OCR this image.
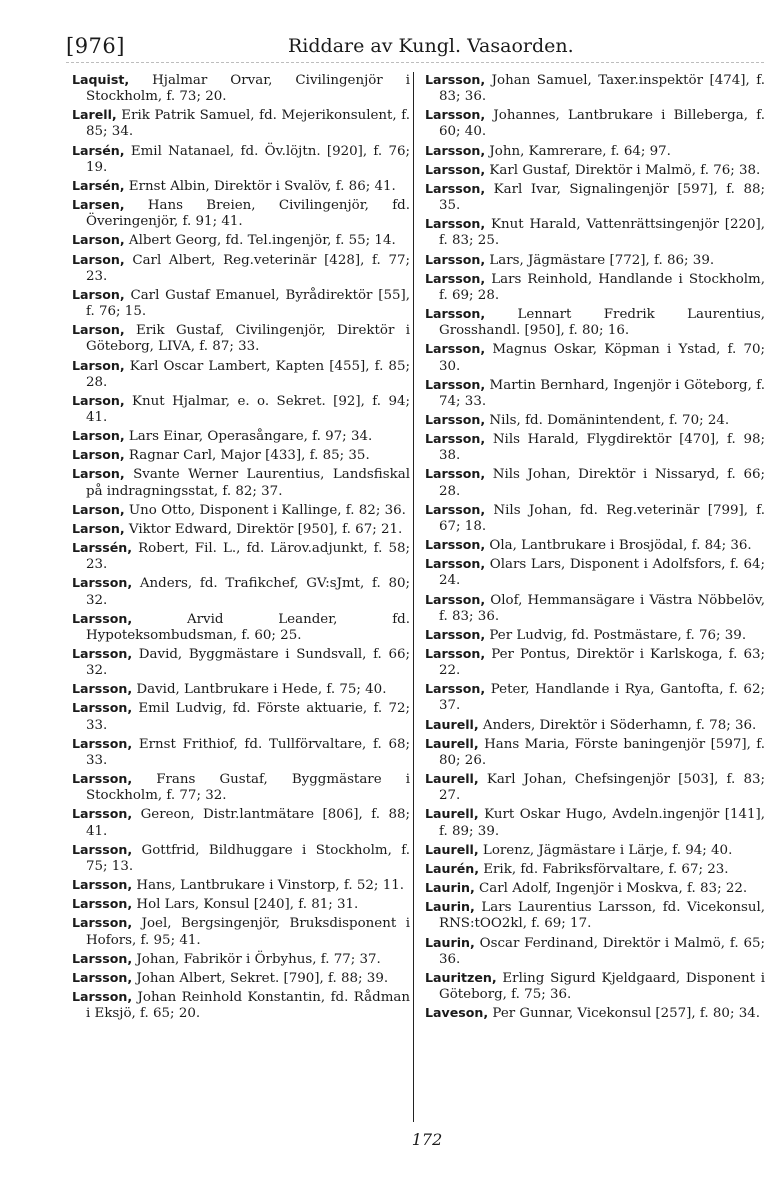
[976]	Riddare av Kungl. Vasaorden.

Laquist, Hjalmar Orvar, Civilingenjör i Stockholm, f. 73; 20.

Larell, Erik Patrik Samuel, fd. Mejerikonsulent, f. 85; 34.

Larsén, Emil Natanael, fd. Öv.löjtn. [920], f. 76; 19.

Larsén, Ernst Albin, Direktör i Svalöv, f. 86; 41.

Larsen, Hans Breien, Civilingenjör, fd. Överingenjör, f. 91; 41.

Larson, Albert Georg, fd. Tel.ingenjör, f. 55; 14.

Larson, Carl Albert, Reg.veterinär [428], f. 77; 23.

Larson, Carl Gustaf Emanuel, Byrådirektör [55], f. 76; 15.

Larson, Erik Gustaf, Civilingenjör, Direktör i Göteborg, LIVA, f. 87; 33.

Larson, Karl Oscar Lambert, Kapten [455], f. 85; 28.

Larson, Knut Hjalmar, e. o. Sekret. [92], f. 94; 41.

Larson, Lars Einar, Operasångare, f. 97; 34.

Larson, Ragnar Carl, Major [433], f. 85; 35.

Larson, Svante Werner Laurentius, Landsfiskal på indragningsstat, f. 82; 37.

Larson, Uno Otto, Disponent i Kallinge, f. 82; 36.

Larson, Viktor Edward, Direktör [950], f. 67; 21.

Larssén, Robert, Fil. L., fd. Lärov.adjunkt, f. 58; 23.

Larsson, Anders, fd. Trafikchef, GV:sJmt, f. 80; 32.

Larsson, Arvid Leander, fd. Hypoteksombudsman, f. 60; 25.

Larsson, David, Byggmästare i Sundsvall, f. 66; 32.

Larsson, David, Lantbrukare i Hede, f. 75; 40.

Larsson, Emil Ludvig, fd. Förste aktuarie, f. 72; 33.

Larsson, Ernst Frithiof, fd. Tullförvaltare, f. 68; 33.

Larsson, Frans Gustaf, Byggmästare i Stockholm, f. 77; 32.

Larsson, Gereon, Distr.lantmätare [806], f. 88; 41.

Larsson, Gottfrid, Bildhuggare i Stockholm, f. 75; 13.

Larsson, Hans, Lantbrukare i Vinstorp, f. 52; 11.

Larsson, Hol Lars, Konsul [240], f. 81; 31.

Larsson, Joel, Bergsingenjör, Bruksdisponent i Hofors, f. 95; 41.

Larsson, Johan, Fabrikör i Örbyhus, f. 77; 37.

Larsson, Johan Albert, Sekret. [790], f. 88; 39.

Larsson, Johan Reinhold Konstantin, fd. Rådman i Eksjö, f. 65; 20.

Larsson, Johan Samuel, Taxer.inspektör [474], f. 83; 36.

Larsson, Johannes, Lantbrukare i Billeberga, f. 60; 40.

Larsson, John, Kamrerare, f. 64; 97.

Larsson, Karl Gustaf, Direktör i Malmö, f. 76; 38.

Larsson, Karl Ivar, Signalingenjör [597], f. 88; 35.

Larsson, Knut Harald, Vattenrättsingenjör [220], f. 83; 25.

Larsson, Lars, Jägmästare [772], f. 86; 39.

Larsson, Lars Reinhold, Handlande i Stockholm, f. 69; 28.

Larsson, Lennart Fredrik Laurentius, Grosshandl. [950], f. 80; 16.

Larsson, Magnus Oskar, Köpman i Ystad, f. 70; 30.

Larsson, Martin Bernhard, Ingenjör i Göteborg, f. 74; 33.

Larsson, Nils, fd. Domänintendent, f. 70; 24.

Larsson, Nils Harald, Flygdirektör [470], f. 98; 38.

Larsson, Nils Johan, Direktör i Nissaryd, f. 66; 28.

Larsson, Nils Johan, fd. Reg.veterinär [799], f. 67; 18.

Larsson, Ola, Lantbrukare i Brosjödal, f. 84; 36.

Larsson, Olars Lars, Disponent i Adolfsfors, f. 64; 24.

Larsson, Olof, Hemmansägare i Västra Nöbbelöv, f. 83; 36.

Larsson, Per Ludvig, fd. Postmästare, f. 76; 39.

Larsson, Per Pontus, Direktör i Karlskoga, f. 63; 22.

Larsson, Peter, Handlande i Rya, Gantofta, f. 62; 37.

Laurell, Anders, Direktör i Söderhamn, f. 78; 36.

Laurell, Hans Maria, Förste baningenjör [597], f. 80; 26.

Laurell, Karl Johan, Chefsingenjör [503], f. 83; 27.

Laurell, Kurt Oskar Hugo, Avdeln.ingenjör [141], f. 89; 39.

Laurell, Lorenz, Jägmästare i Lärje, f. 94; 40.

Laurén, Erik, fd. Fabriksförvaltare, f. 67; 23.

Laurin, Carl Adolf, Ingenjör i Moskva, f. 83; 22.

Laurin, Lars Laurentius Larsson, fd. Vicekonsul, RNS:tOO2kl, f. 69; 17.

Laurin, Oscar Ferdinand, Direktör i Malmö, f. 65; 36.

Lauritzen, Erling Sigurd Kjeldgaard, Disponent i Göteborg, f. 75; 36.

Laveson, Per Gunnar, Vicekonsul [257], f. 80; 34.

172
